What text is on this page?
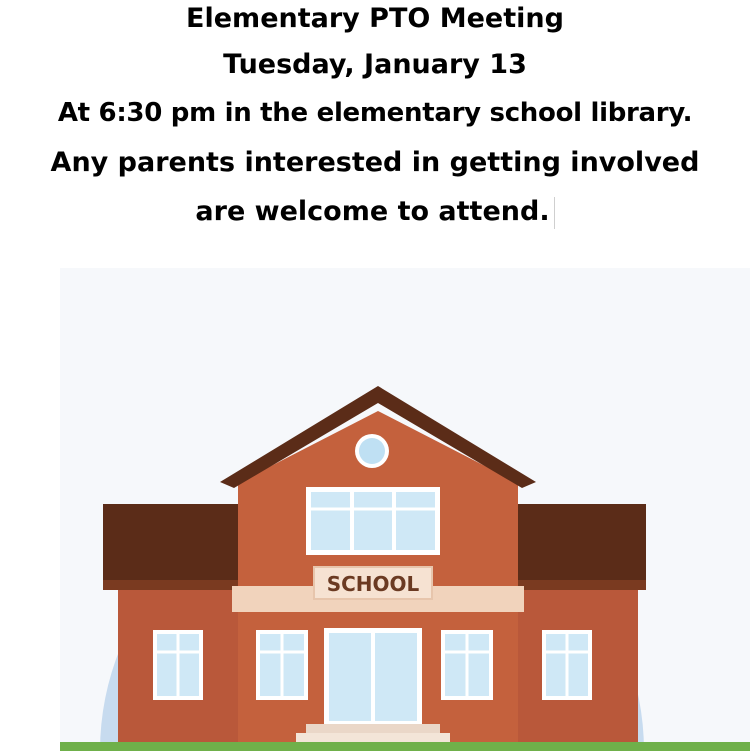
Elementary PTO Meeting
Tuesday, January 13
At 6:30 pm in the elementary school library.
Any parents interested in getting involved
are welcome to attend.
SCHOOL
